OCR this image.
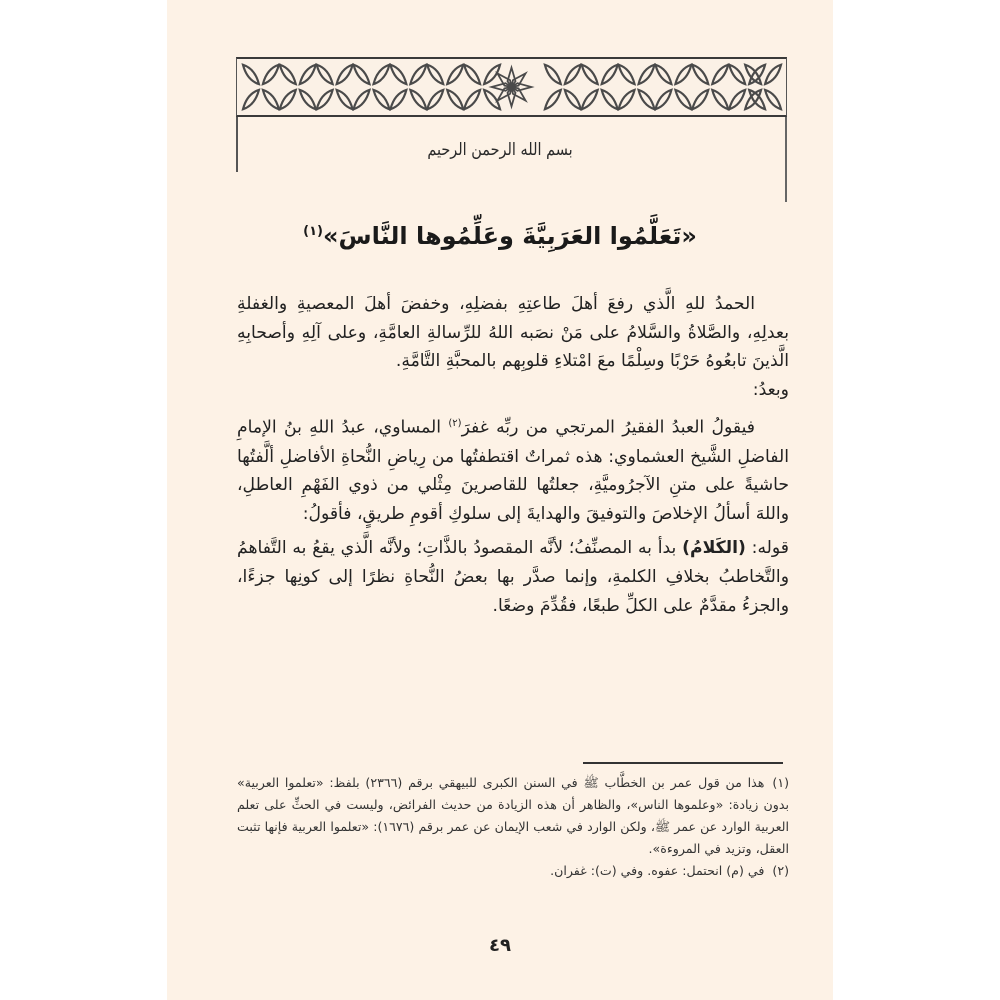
بسم الله الرحمن الرحيم
«تَعَلَّمُوا العَرَبِيَّةَ وعَلِّمُوها النَّاسَ»$^{(١)}$

الحمدُ للهِ الَّذي رفعَ أهلَ طاعتِهِ بفضلِهِ، وخفضَ أهلَ المعصيةِ والغفلةِ بعدلِهِ، والصَّلاةُ والسَّلامُ على مَنْ نصَبه اللهُ للرِّسالةِ العامَّةِ، وعلى آلِهِ وأصحابِهِ الَّذينَ تابعُوهُ حَرْبًا وسِلْمًا معَ امْتلاءِ قلوبِهم بالمحبَّةِ التَّامَّةِ.

وبعدُ:

فيقولُ العبدُ الفقيرُ المرتجي من ربِّه غفرَ$^{(٢)}$ المساوي، عبدُ اللهِ بنُ الإمامِ الفاضلِ الشَّيخ العشماوي: هذه ثمراتٌ اقتطفتُها من رِياضِ النُّحاةِ الأفاضلِ ألَّفتُها حاشيةً على متنِ الآجرُوميَّةِ، جعلتُها للقاصرينَ مِثْلي من ذوي الفَهْمِ العاطلِ، واللهَ أسألُ الإخلاصَ والتوفيقَ والهدايةَ إلى سلوكِ أقومِ طريقٍ، فأقولُ:

قوله: (الكَلامُ) بدأ به المصنِّفُ؛ لأنَّه المقصودُ بالذَّاتِ؛ ولأنَّه الَّذي يقعُ به التَّفاهمُ والتَّخاطبُ بخلافِ الكلمةِ، وإنما صدَّر بها بعضُ النُّحاةِ نظرًا إلى كونِها جزءًا، والجزءُ مقدَّمٌ على الكلِّ طبعًا، فقُدِّمَ وضعًا.

(١)هذا من قول عمر بن الخطَّاب ﷺ في السنن الكبرى للبيهقي برقم (٢٣٦٦) بلفظ: «تعلموا العربية» بدون زيادة: «وعلموها الناس»، والظاهر أن هذه الزيادة من حديث الفرائض، وليست في الحثِّ على تعلم العربية الوارد عن عمر ﷺ، ولكن الوارد في شعب الإيمان عن عمر برقم (١٦٧٦): «تعلموا العربية فإنها تثبت العقل، وتزيد في المروءة».

(٢)في (م) انحتمل: عفوه. وفي (ت): غفران.

٤٩
